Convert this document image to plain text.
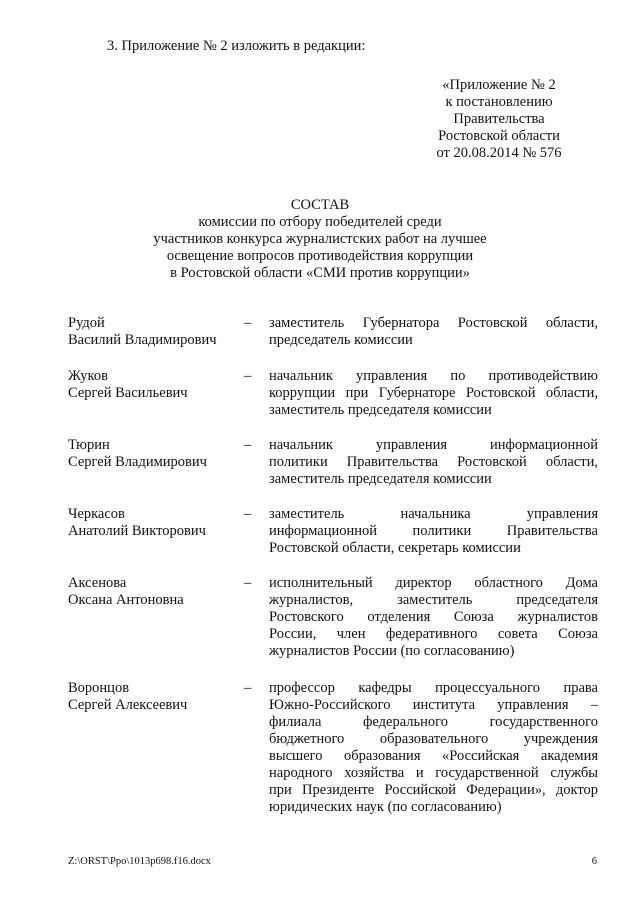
3. Приложение № 2 изложить в редакции:
«Приложение № 2
к постановлению
Правительства
Ростовской области
от 20.08.2014 № 576
СОСТАВ
комиссии по отбору победителей среди
участников конкурса журналистских работ на лучшее
освещение вопросов противодействия коррупции
в Ростовской области «СМИ против коррупции»
Рудой
Василий Владимирович
– заместитель Губернатора Ростовской области,
председатель комиссии
Жуков
Сергей Васильевич
– начальник управления по противодействию
коррупции при Губернаторе Ростовской области,
заместитель председателя комиссии
Тюрин
Сергей Владимирович
– начальник управления информационной
политики Правительства Ростовской области,
заместитель председателя комиссии
Черкасов
Анатолий Викторович
– заместитель начальника управления
информационной политики Правительства
Ростовской области, секретарь комиссии
Аксенова
Оксана Антоновна
– исполнительный директор областного Дома
журналистов, заместитель председателя
Ростовского отделения Союза журналистов
России, член федеративного совета Союза
журналистов России (по согласованию)
Воронцов
Сергей Алексеевич
– профессор кафедры процессуального права
Южно-Российского института управления –
филиала федерального государственного
бюджетного образовательного учреждения
высшего образования «Российская академия
народного хозяйства и государственной службы
при Президенте Российской Федерации», доктор
юридических наук (по согласованию)
Z:\ORST\Ppo\1013p698.f16.docx	6
